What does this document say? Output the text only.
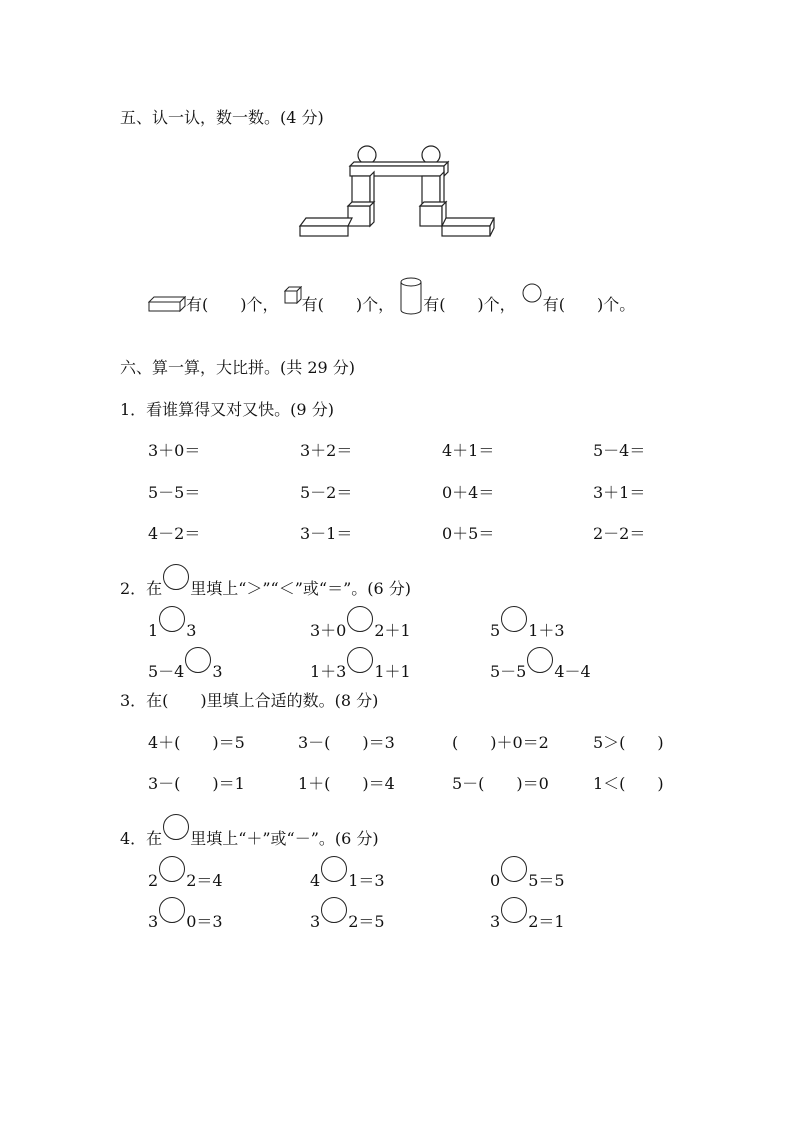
五、认一认，数一数。(4 分)
有(　　)个， 有(　　)个， 有(　　)个， 有(　　)个。
六、算一算，大比拼。(共 29 分)
1．看谁算得又对又快。(9 分)
3＋0＝	3＋2＝	4＋1＝	5－4＝
5－5＝	5－2＝	0＋4＝	3＋1＝
4－2＝	3－1＝	0＋5＝	2－2＝
2．在 里填上“＞”“＜”或“＝”。(6 分)
1 3	3＋0 2＋1	5 1＋3
5－4 3	1＋3 1＋1	5－5 4－4
3．在(　　)里填上合适的数。(8 分)
4＋(　　)＝5	3－(　　)＝3	(　　)＋0＝2	5＞(　　)
3－(　　)＝1	1＋(　　)＝4	5－(　　)＝0	1＜(　　)
4．在 里填上“＋”或“－”。(6 分)
2 2＝4	4 1＝3	0 5＝5
3 0＝3	3 2＝5	3 2＝1
